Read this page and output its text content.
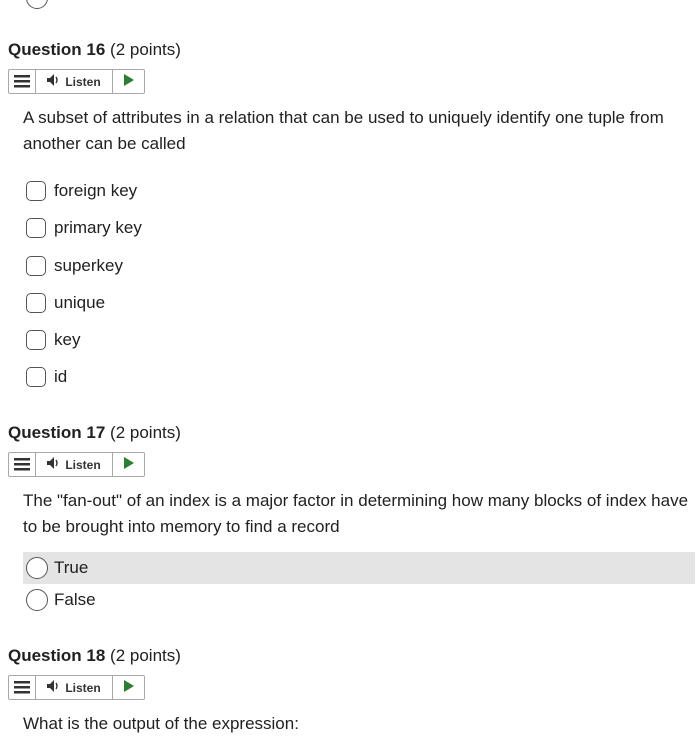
Question 16 (2 points)
Listen
A subset of attributes in a relation that can be used to uniquely identify one tuple from another can be called
foreign key
primary key
superkey
unique
key
id
Question 17 (2 points)
Listen
The "fan-out" of an index is a major factor in determining how many blocks of index have to be brought into memory to find a record
True
False
Question 18 (2 points)
Listen
What is the output of the expression:
